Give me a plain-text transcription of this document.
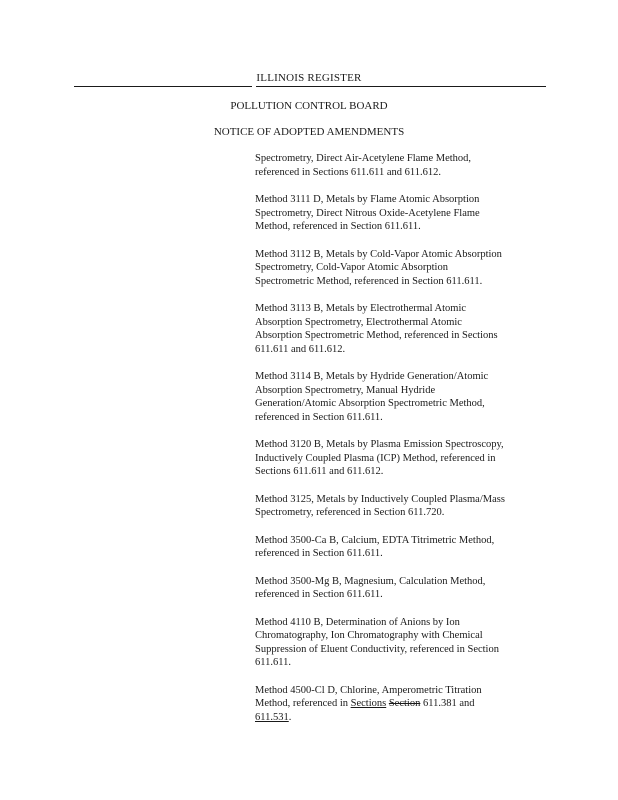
ILLINOIS REGISTER
POLLUTION CONTROL BOARD
NOTICE OF ADOPTED AMENDMENTS
Spectrometry, Direct Air-Acetylene Flame Method,
referenced in Sections 611.611 and 611.612.
Method 3111 D, Metals by Flame Atomic Absorption
Spectrometry, Direct Nitrous Oxide-Acetylene Flame
Method, referenced in Section 611.611.
Method 3112 B, Metals by Cold-Vapor Atomic Absorption
Spectrometry, Cold-Vapor Atomic Absorption
Spectrometric Method, referenced in Section 611.611.
Method 3113 B, Metals by Electrothermal Atomic
Absorption Spectrometry, Electrothermal Atomic
Absorption Spectrometric Method, referenced in Sections
611.611 and 611.612.
Method 3114 B, Metals by Hydride Generation/Atomic
Absorption Spectrometry, Manual Hydride
Generation/Atomic Absorption Spectrometric Method,
referenced in Section 611.611.
Method 3120 B, Metals by Plasma Emission Spectroscopy,
Inductively Coupled Plasma (ICP) Method, referenced in
Sections 611.611 and 611.612.
Method 3125, Metals by Inductively Coupled Plasma/Mass
Spectrometry, referenced in Section 611.720.
Method 3500-Ca B, Calcium, EDTA Titrimetric Method,
referenced in Section 611.611.
Method 3500-Mg B, Magnesium, Calculation Method,
referenced in Section 611.611.
Method 4110 B, Determination of Anions by Ion
Chromatography, Ion Chromatography with Chemical
Suppression of Eluent Conductivity, referenced in Section
611.611.
Method 4500-Cl D, Chlorine, Amperometric Titration
Method, referenced in Sections Section 611.381 and
611.531.
